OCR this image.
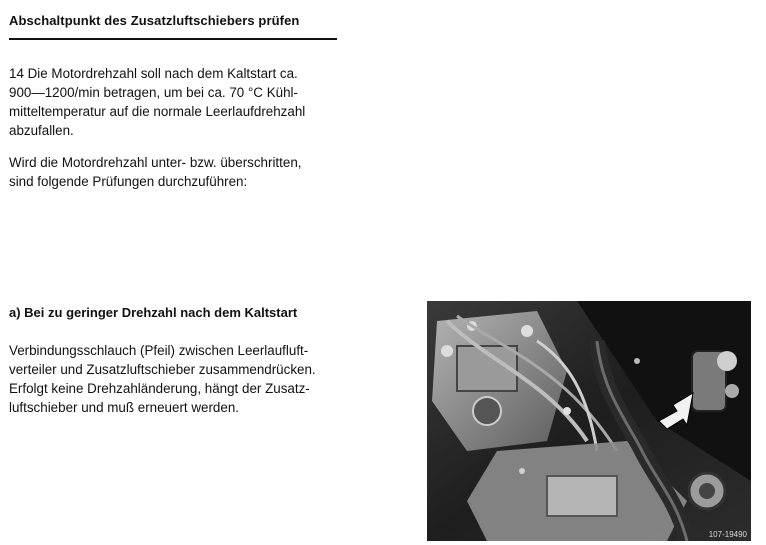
Abschaltpunkt des Zusatzluftschiebers prüfen

14 Die Motordrehzahl soll nach dem Kaltstart ca.
900—1200/min betragen, um bei ca. 70 °C Kühl-
mitteltemperatur auf die normale Leerlaufdrehzahl
abzufallen.

Wird die Motordrehzahl unter- bzw. überschritten,
sind folgende Prüfungen durchzuführen:

a) Bei zu geringer Drehzahl nach dem Kaltstart

Verbindungsschlauch (Pfeil) zwischen Leerlaufluft-
verteiler und Zusatzluftschieber zusammendrücken.
Erfolgt keine Drehzahländerung, hängt der Zusatz-
luftschieber und muß erneuert werden.

107-19490
